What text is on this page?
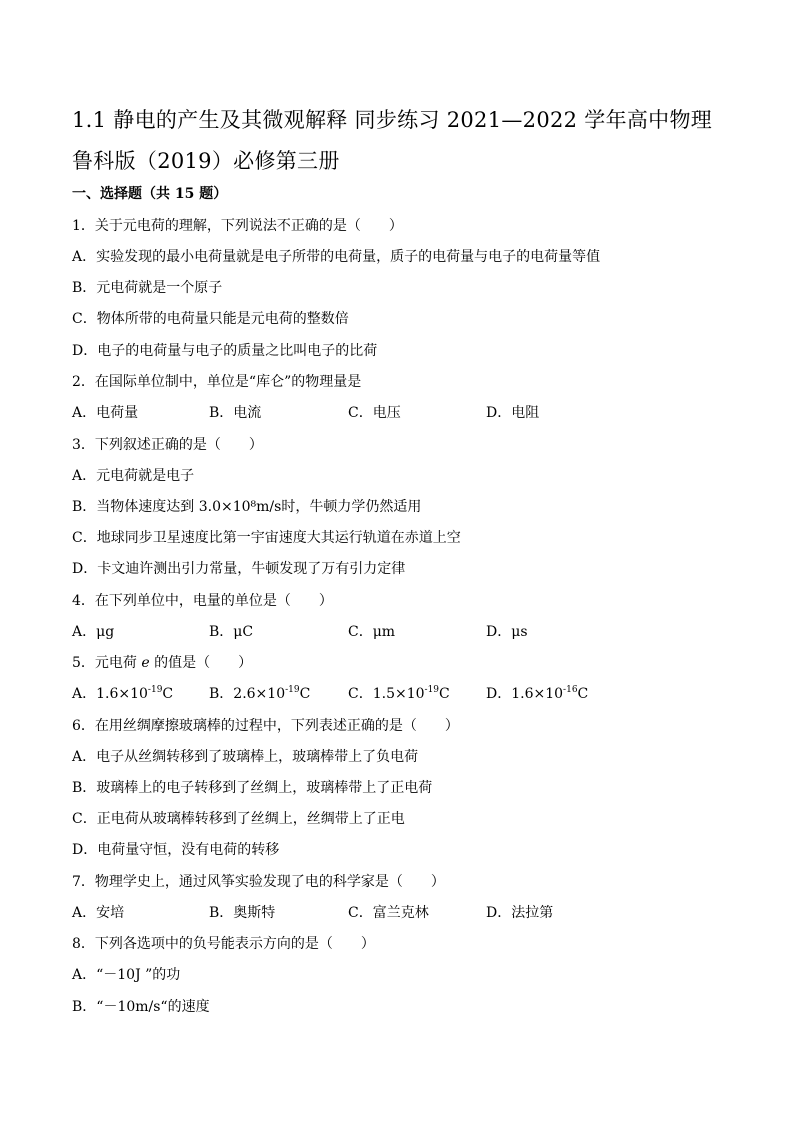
1.1 静电的产生及其微观解释 同步练习 2021—2022 学年高中物理鲁科版（2019）必修第三册
一、选择题（共 15 题）
1．关于元电荷的理解，下列说法不正确的是（　　）
A．实验发现的最小电荷量就是电子所带的电荷量，质子的电荷量与电子的电荷量等值
B．元电荷就是一个原子
C．物体所带的电荷量只能是元电荷的整数倍
D．电子的电荷量与电子的质量之比叫电子的比荷
2．在国际单位制中，单位是“库仑”的物理量是
A．电荷量	B．电流	C．电压	D．电阻
3．下列叙述正确的是（　　）
A．元电荷就是电子
B．当物体速度达到 3.0×10⁸m/s时，牛顿力学仍然适用
C．地球同步卫星速度比第一宇宙速度大其运行轨道在赤道上空
D．卡文迪许测出引力常量，牛顿发现了万有引力定律
4．在下列单位中，电量的单位是（　　）
A．μg	B．μC	C．μm	D．μs
5．元电荷 e 的值是（　　）
A．$1.6\times 10^{-19}C$	B．$2.6\times 10^{-19}C$	C．$1.5\times 10^{-19}C$	D．$1.6\times 10^{-16}C$
6．在用丝绸摩擦玻璃棒的过程中，下列表述正确的是（　　）
A．电子从丝绸转移到了玻璃棒上，玻璃棒带上了负电荷
B．玻璃棒上的电子转移到了丝绸上，玻璃棒带上了正电荷
C．正电荷从玻璃棒转移到了丝绸上，丝绸带上了正电
D．电荷量守恒，没有电荷的转移
7．物理学史上，通过风筝实验发现了电的科学家是（　　）
A．安培	B．奥斯特	C．富兰克林	D．法拉第
8．下列各选项中的负号能表示方向的是（　　）
A．“－10J ”的功
B．“－10m/s“的速度
